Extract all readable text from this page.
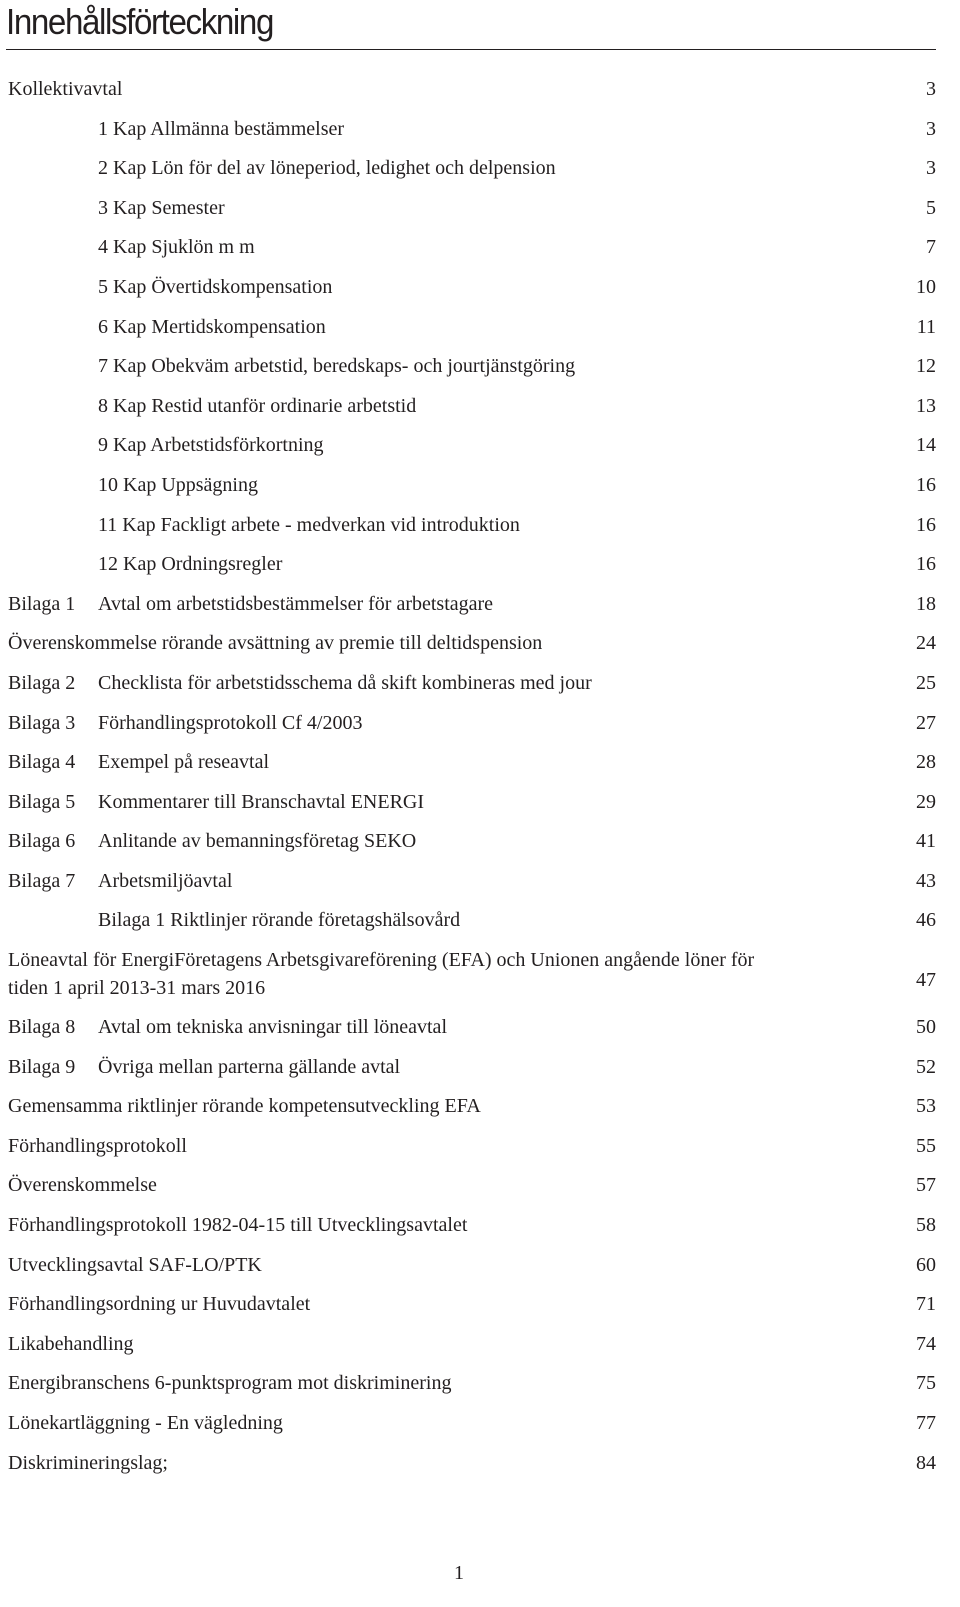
Innehållsförteckning
Kollektivavtal	3
1 Kap Allmänna bestämmelser	3
2 Kap Lön för del av löneperiod, ledighet och delpension	3
3 Kap Semester	5
4 Kap Sjuklön m m	7
5 Kap Övertidskompensation	10
6 Kap Mertidskompensation	11
7 Kap Obekväm arbetstid, beredskaps- och jourtjänstgöring	12
8 Kap Restid utanför ordinarie arbetstid	13
9 Kap Arbetstidsförkortning	14
10 Kap Uppsägning	16
11 Kap Fackligt arbete - medverkan vid introduktion	16
12 Kap Ordningsregler	16
Bilaga 1 Avtal om arbetstidsbestämmelser för arbetstagare	18
Överenskommelse rörande avsättning av premie till deltidspension	24
Bilaga 2 Checklista för arbetstidsschema då skift kombineras med jour	25
Bilaga 3 Förhandlingsprotokoll Cf 4/2003	27
Bilaga 4 Exempel på reseavtal	28
Bilaga 5 Kommentarer till Branschavtal ENERGI	29
Bilaga 6 Anlitande av bemanningsföretag SEKO	41
Bilaga 7 Arbetsmiljöavtal	43
Bilaga 1 Riktlinjer rörande företagshälsovård	46
Löneavtal för EnergiFöretagens Arbetsgivareförening (EFA) och Unionen angående löner för tiden 1 april 2013-31 mars 2016	47
Bilaga 8 Avtal om tekniska anvisningar till löneavtal	50
Bilaga 9 Övriga mellan parterna gällande avtal	52
Gemensamma riktlinjer rörande kompetensutveckling EFA	53
Förhandlingsprotokoll	55
Överenskommelse	57
Förhandlingsprotokoll 1982-04-15 till Utvecklingsavtalet	58
Utvecklingsavtal SAF-LO/PTK	60
Förhandlingsordning ur Huvudavtalet	71
Likabehandling	74
Energibranschens 6-punktsprogram mot diskriminering	75
Lönekartläggning - En vägledning	77
Diskrimineringslag;	84
1
